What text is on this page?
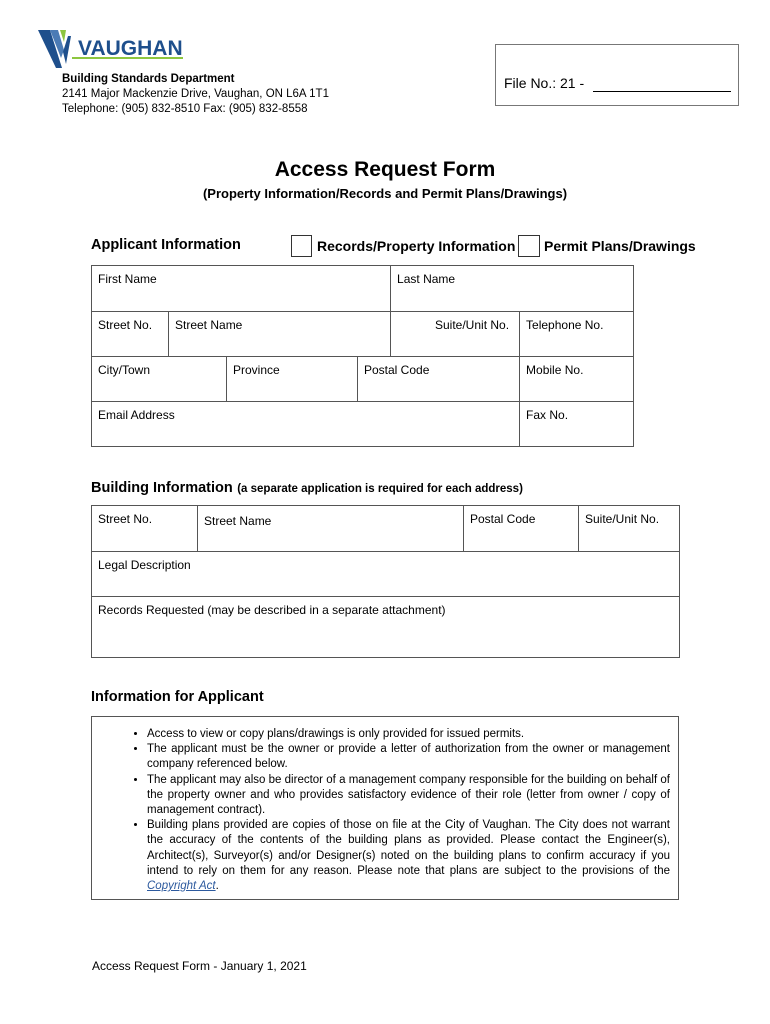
VAUGHAN
Building Standards Department
2141 Major Mackenzie Drive, Vaughan, ON L6A 1T1
Telephone: (905) 832-8510 Fax: (905) 832-8558
File No.: 21 -
Access Request Form
(Property Information/Records and Permit Plans/Drawings)
Applicant Information	Records/Property Information Permit Plans/Drawings
First Name				Last Name	
Street No.	Street Name			Suite/Unit No.	Telephone No.
City/Town		Province	Postal Code		Mobile No.
Email Address					Fax No.
Building Information (a separate application is required for each address)
Street No.	Street Name	Postal Code	Suite/Unit No.
Legal Description
Records Requested (may be described in a separate attachment)
Information for Applicant
• Access to view or copy plans/drawings is only provided for issued permits.
• The applicant must be the owner or provide a letter of authorization from the owner or management company referenced below.
• The applicant may also be director of a management company responsible for the building on behalf of the property owner and who provides satisfactory evidence of their role (letter from owner / copy of management contract).
• Building plans provided are copies of those on file at the City of Vaughan. The City does not warrant the accuracy of the contents of the building plans as provided. Please contact the Engineer(s), Architect(s), Surveyor(s) and/or Designer(s) noted on the building plans to confirm accuracy if you intend to rely on them for any reason. Please note that plans are subject to the provisions of the Copyright Act.
Access Request Form - January 1, 2021
